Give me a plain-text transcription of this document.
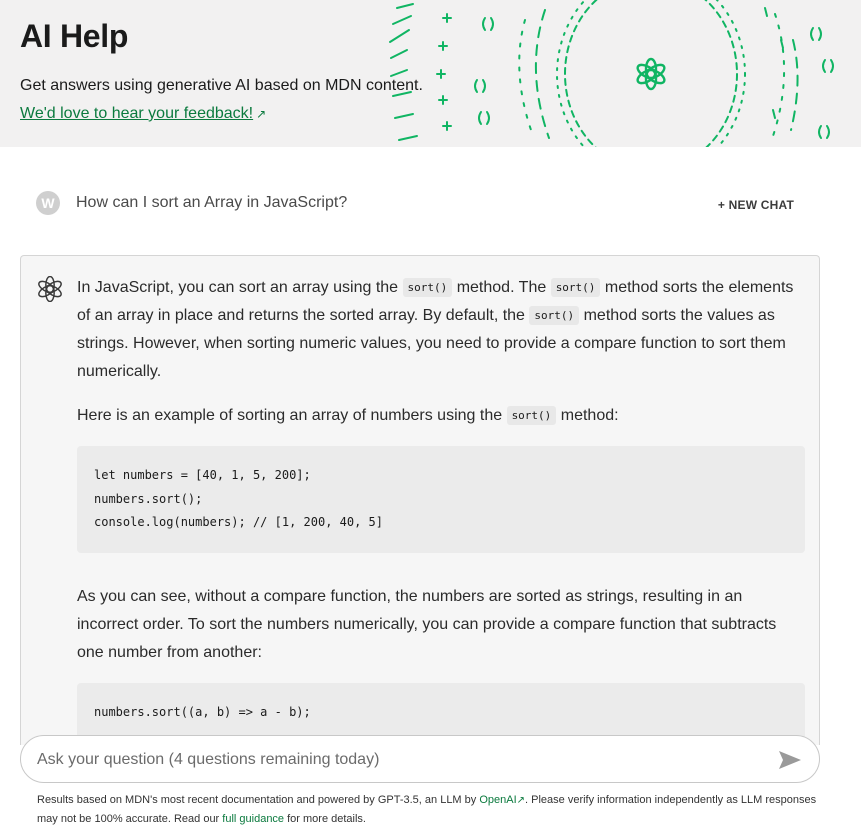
AI Help

Get answers using generative AI based on MDN content.

We'd love to hear your feedback! ↗
W	How can I sort an Array in JavaScript?	+ NEW CHAT

In JavaScript, you can sort an array using the sort() method. The sort() method sorts the elements of an array in place and returns the sorted array. By default, the sort() method sorts the values as strings. However, when sorting numeric values, you need to provide a compare function to sort them numerically.

Here is an example of sorting an array of numbers using the sort() method:

let numbers = [40, 1, 5, 200];
numbers.sort();
console.log(numbers); // [1, 200, 40, 5]

As you can see, without a compare function, the numbers are sorted as strings, resulting in an incorrect order. To sort the numbers numerically, you can provide a compare function that subtracts one number from another:

numbers.sort((a, b) => a - b);
Ask your question (4 questions remaining today)

Results based on MDN's most recent documentation and powered by GPT-3.5, an LLM by OpenAI↗. Please verify information independently as LLM responses may not be 100% accurate. Read our full guidance for more details.
